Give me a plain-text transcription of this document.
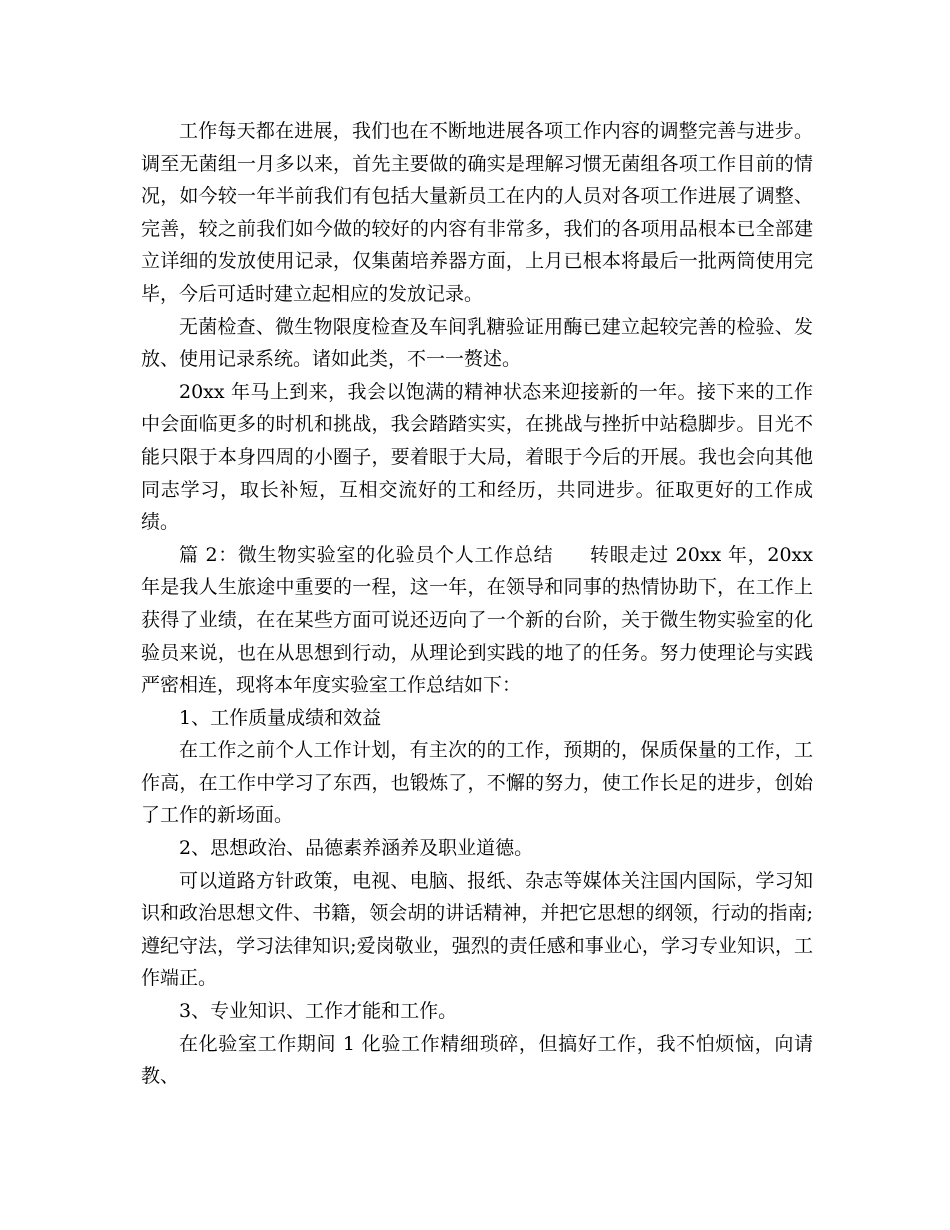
工作每天都在进展，我们也在不断地进展各项工作内容的调整完善与进步。调至无菌组一月多以来，首先主要做的确实是理解习惯无菌组各项工作目前的情况，如今较一年半前我们有包括大量新员工在内的人员对各项工作进展了调整、完善，较之前我们如今做的较好的内容有非常多，我们的各项用品根本已全部建立详细的发放使用记录，仅集菌培养器方面，上月已根本将最后一批两筒使用完毕，今后可适时建立起相应的发放记录。

无菌检查、微生物限度检查及车间乳糖验证用酶已建立起较完善的检验、发放、使用记录系统。诸如此类，不一一赘述。

20xx 年马上到来，我会以饱满的精神状态来迎接新的一年。接下来的工作中会面临更多的时机和挑战，我会踏踏实实，在挑战与挫折中站稳脚步。目光不能只限于本身四周的小圈子，要着眼于大局，着眼于今后的开展。我也会向其他同志学习，取长补短，互相交流好的工和经历，共同进步。征取更好的工作成绩。

篇 2：微生物实验室的化验员个人工作总结 转眼走过 20xx 年，20xx 年是我人生旅途中重要的一程，这一年，在领导和同事的热情协助下，在工作上获得了业绩，在在某些方面可说还迈向了一个新的台阶，关于微生物实验室的化验员来说，也在从思想到行动，从理论到实践的地了的任务。努力使理论与实践严密相连，现将本年度实验室工作总结如下：

1、工作质量成绩和效益

在工作之前个人工作计划，有主次的的工作，预期的，保质保量的工作，工作高，在工作中学习了东西，也锻炼了，不懈的努力，使工作长足的进步，创始了工作的新场面。

2、思想政治、品德素养涵养及职业道德。

可以道路方针政策，电视、电脑、报纸、杂志等媒体关注国内国际，学习知识和政治思想文件、书籍，领会胡的讲话精神，并把它思想的纲领，行动的指南;遵纪守法，学习法律知识;爱岗敬业，强烈的责任感和事业心，学习专业知识，工作端正。

3、专业知识、工作才能和工作。

在化验室工作期间 1 化验工作精细琐碎，但搞好工作，我不怕烦恼，向请教、
